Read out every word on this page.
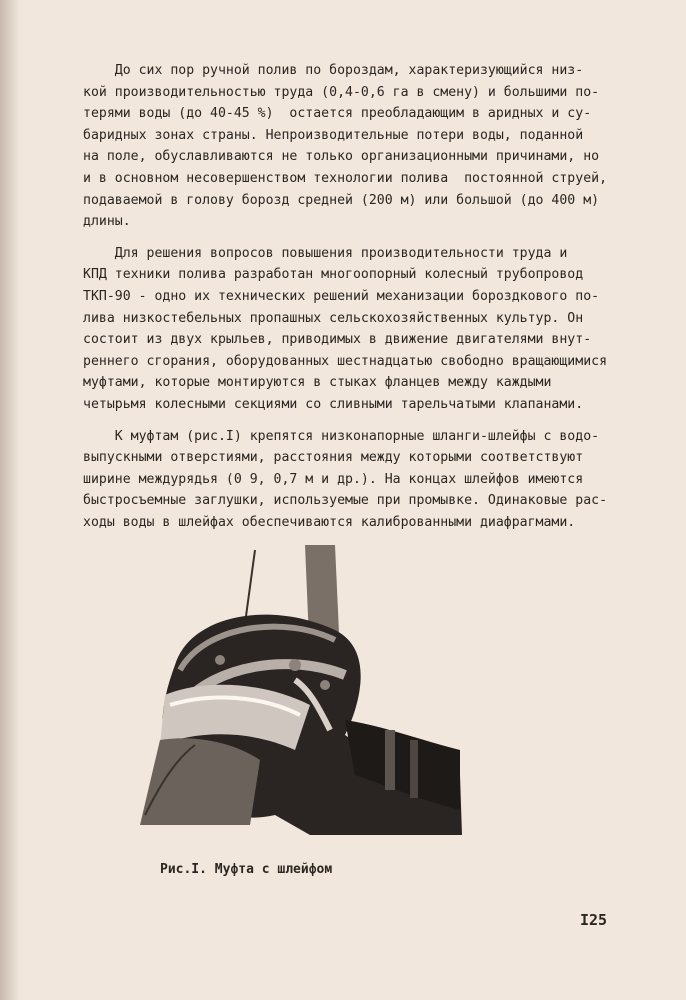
До сих пор ручной полив по бороздам, характеризующийся низ-
кой производительностью труда (0,4-0,6 га в смену) и большими по-
терями воды (до 40-45 %)  остается преобладающим в аридных и су-
баридных зонах страны. Непроизводительные потери воды, поданной
на поле, обуславливаются не только организационными причинами, но
и в основном несовершенством технологии полива  постоянной струей,
подаваемой в голову борозд средней (200 м) или большой (до 400 м)
длины.
Для решения вопросов повышения производительности труда и
КПД техники полива разработан многоопорный колесный трубопровод
ТКП-90 - одно их технических решений механизации бороздкового по-
лива низкостебельных пропашных сельскохозяйственных культур. Он
состоит из двух крыльев, приводимых в движение двигателями внут-
реннего сгорания, оборудованных шестнадцатью свободно вращающимися
муфтами, которые монтируются в стыках фланцев между каждыми
четырьмя колесными секциями со сливными тарельчатыми клапанами.
К муфтам (рис.I) крепятся низконапорные шланги-шлейфы с водо-
выпускными отверстиями, расстояния между которыми соответствуют
ширине междурядья (0 9, 0,7 м и др.). На концах шлейфов имеются
быстросъемные заглушки, используемые при промывке. Одинаковые рас-
ходы воды в шлейфах обеспечиваются калиброванными диафрагмами.
Рис.I. Муфта с шлейфом
I25
